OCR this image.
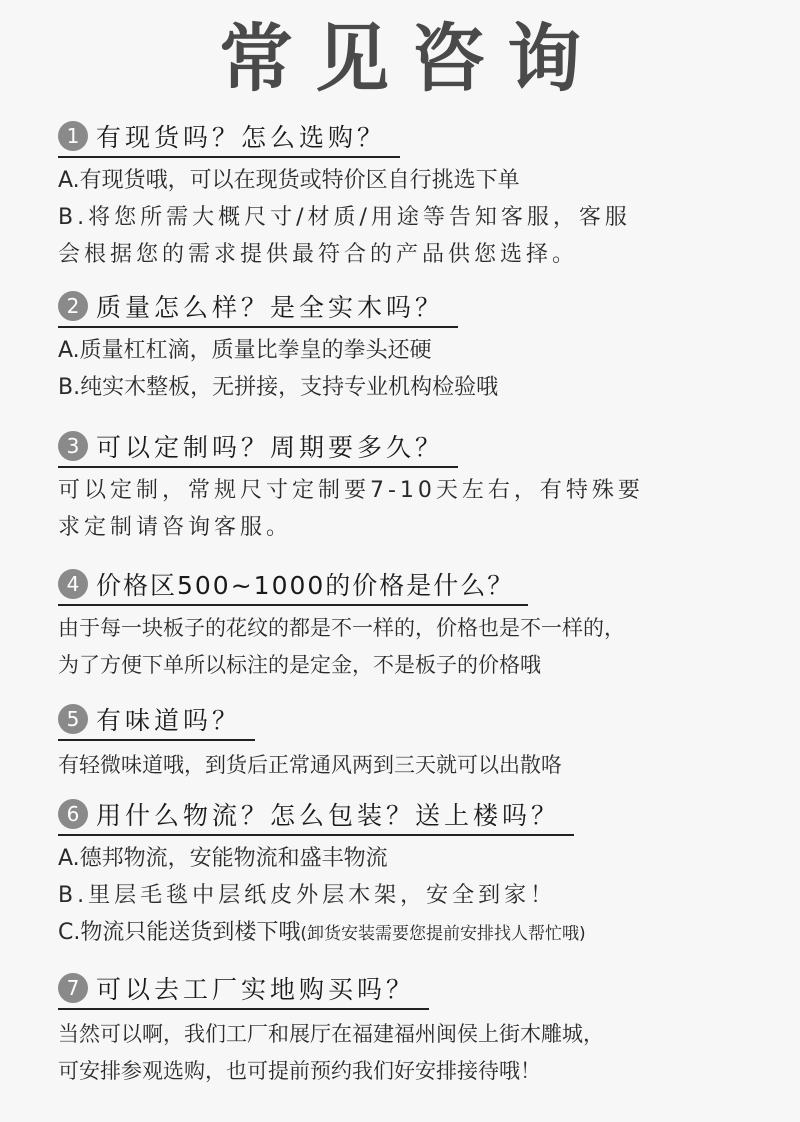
常见咨询
1 有现货吗？怎么选购？
A.有现货哦，可以在现货或特价区自行挑选下单
B.将您所需大概尺寸/材质/用途等告知客服，客服
会根据您的需求提供最符合的产品供您选择。
2 质量怎么样？是全实木吗？
A.质量杠杠滴，质量比拳皇的拳头还硬
B.纯实木整板，无拼接，支持专业机构检验哦
3 可以定制吗？周期要多久？
可以定制，常规尺寸定制要7-10天左右，有特殊要
求定制请咨询客服。
4 价格区500~1000的价格是什么？
由于每一块板子的花纹的都是不一样的，价格也是不一样的，
为了方便下单所以标注的是定金，不是板子的价格哦
5 有味道吗？
有轻微味道哦，到货后正常通风两到三天就可以出散咯
6 用什么物流？怎么包装？送上楼吗？
A.德邦物流，安能物流和盛丰物流
B.里层毛毯中层纸皮外层木架，安全到家！
C.物流只能送货到楼下哦(卸货安装需要您提前安排找人帮忙哦)
7 可以去工厂实地购买吗？
当然可以啊，我们工厂和展厅在福建福州闽侯上街木雕城，
可安排参观选购，也可提前预约我们好安排接待哦！
